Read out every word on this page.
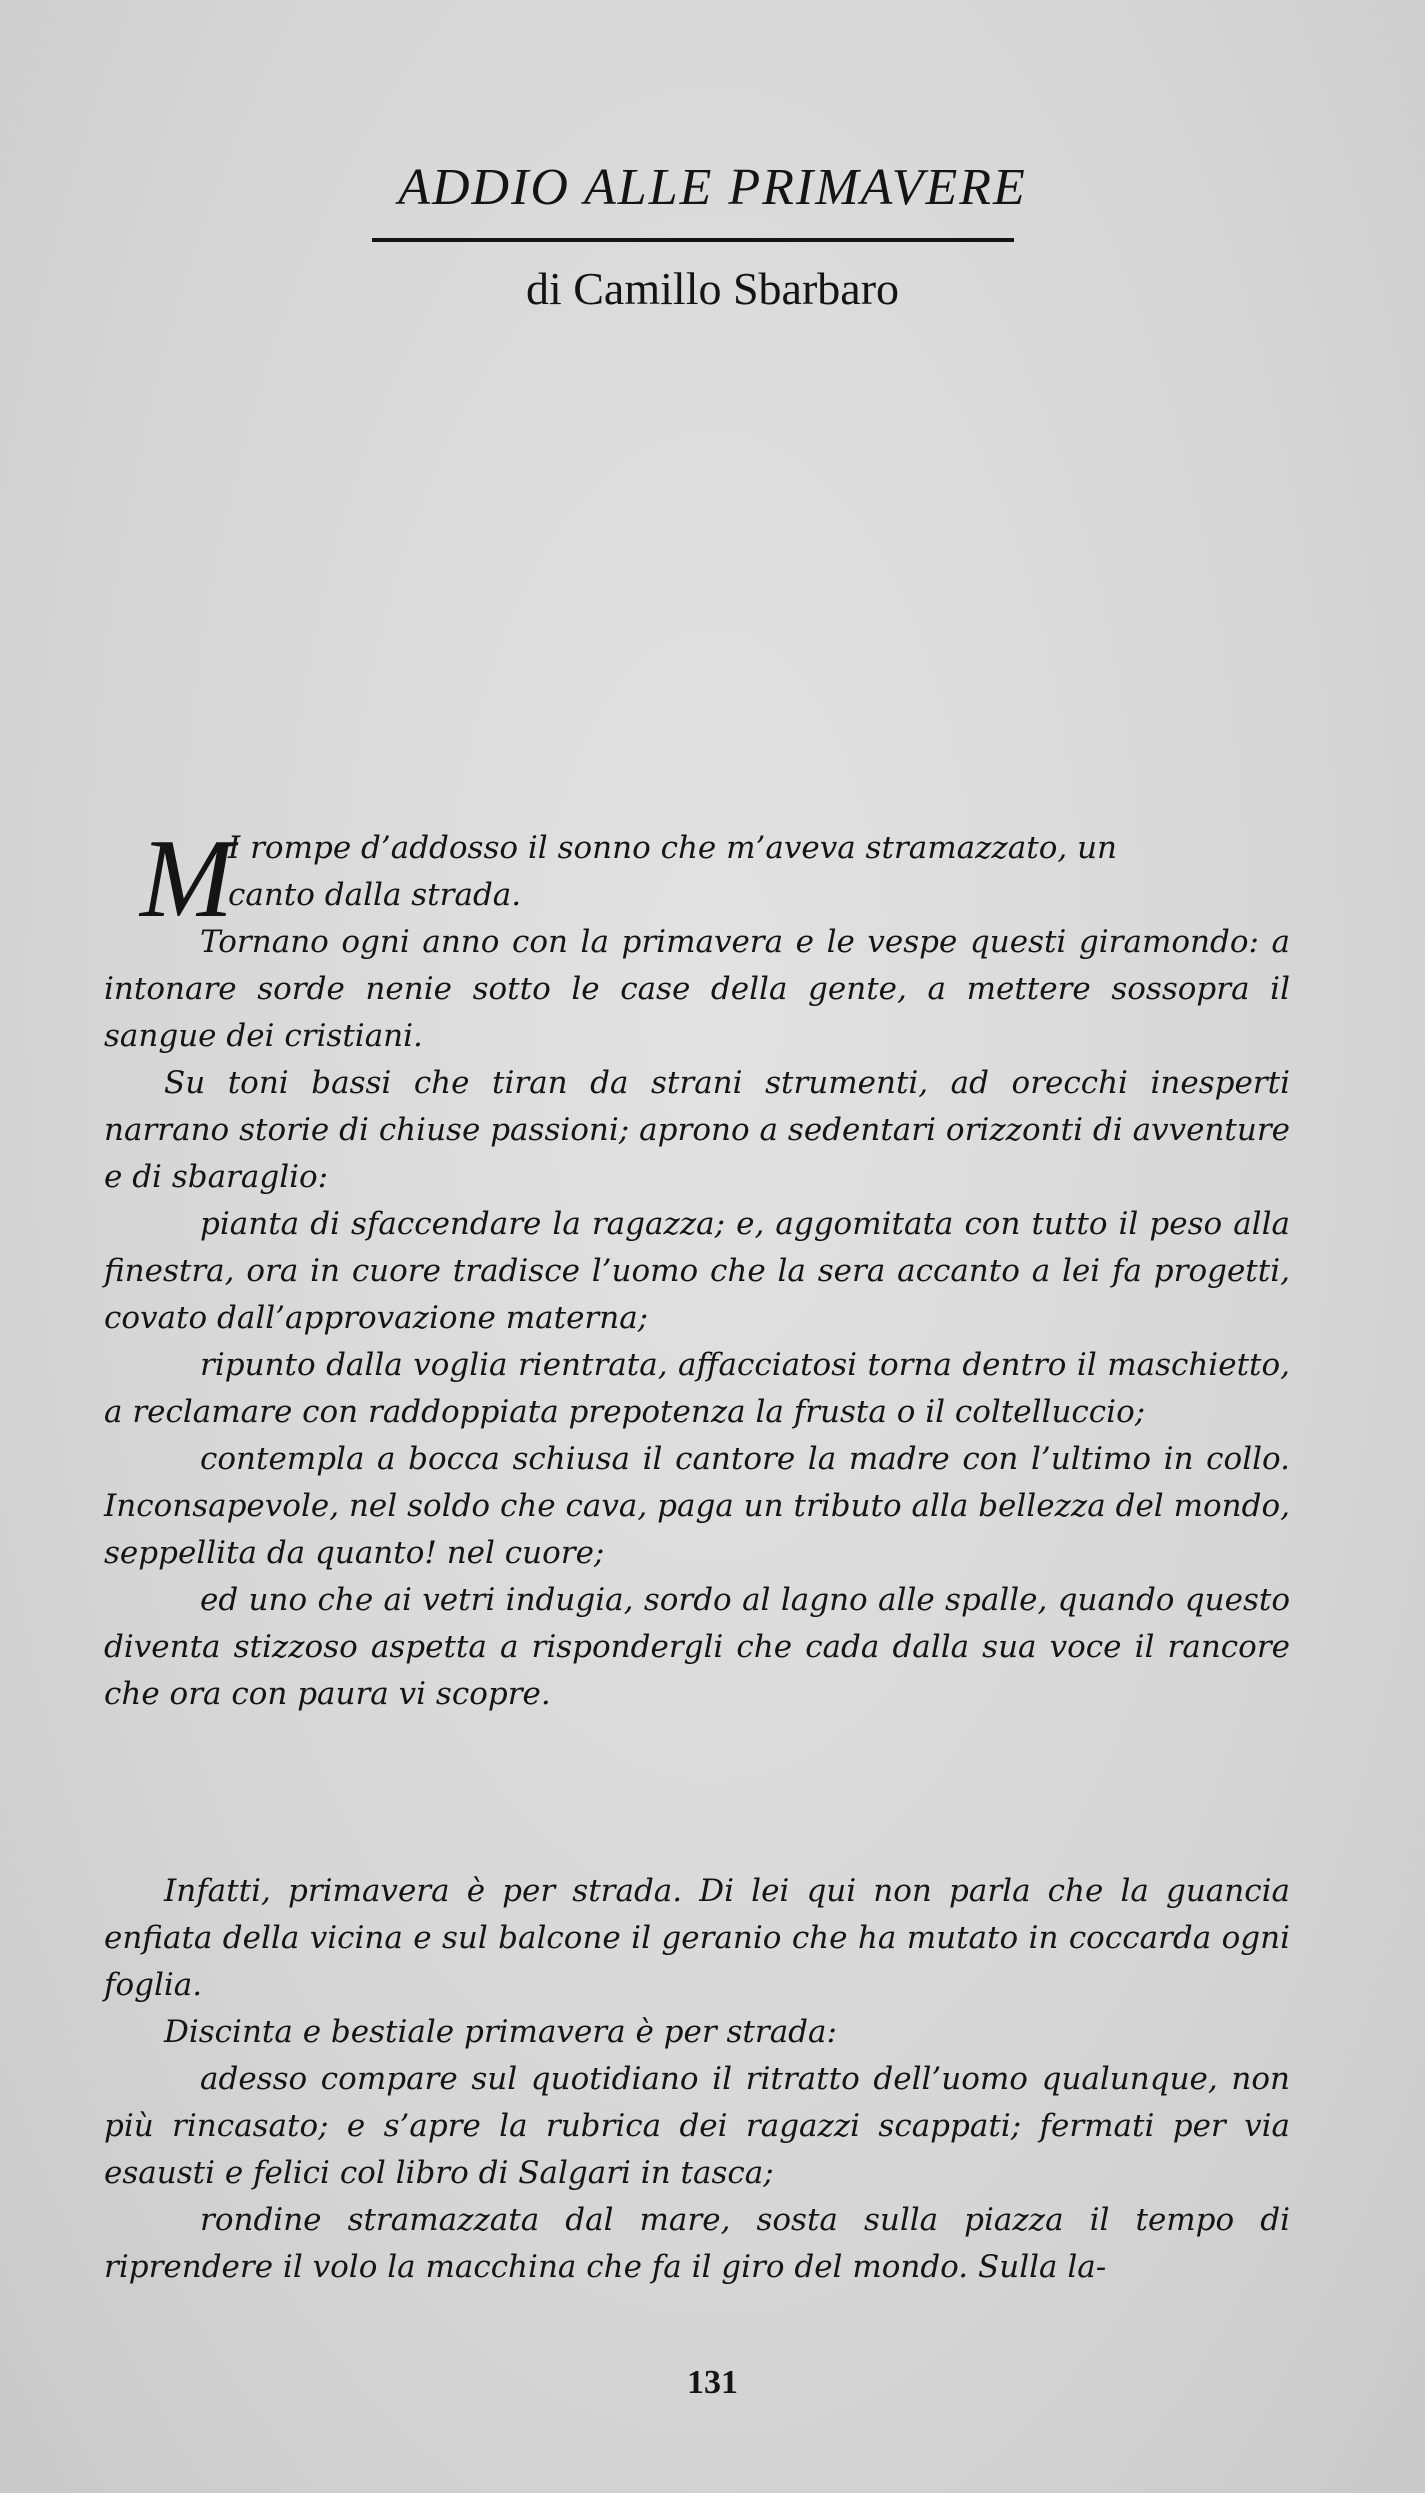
ADDIO ALLE PRIMAVERE
di Camillo Sbarbaro

M
I rompe d’addosso il sonno che m’aveva stramazzato, un

canto dalla strada.

Tornano ogni anno con la primavera e le vespe questi giramondo: a intonare sorde nenie sotto le case della gente, a mettere sossopra il sangue dei cristiani.

Su toni bassi che tiran da strani strumenti, ad orecchi inesperti narrano storie di chiuse passioni; aprono a sedentari orizzonti di avventure e di sbaraglio:

pianta di sfaccendare la ragazza; e, aggomitata con tutto il peso alla finestra, ora in cuore tradisce l’uomo che la sera accanto a lei fa progetti, covato dall’approvazione materna;

ripunto dalla voglia rientrata, affacciatosi torna dentro il maschietto, a reclamare con raddoppiata prepotenza la frusta o il coltelluccio;

contempla a bocca schiusa il cantore la madre con l’ultimo in collo. Inconsapevole, nel soldo che cava, paga un tributo alla bellezza del mondo, seppellita da quanto! nel cuore;

ed uno che ai vetri indugia, sordo al lagno alle spalle, quando questo diventa stizzoso aspetta a rispondergli che cada dalla sua voce il rancore che ora con paura vi scopre.

Infatti, primavera è per strada. Di lei qui non parla che la guancia enfiata della vicina e sul balcone il geranio che ha mutato in coccarda ogni foglia.

Discinta e bestiale primavera è per strada:

adesso compare sul quotidiano il ritratto dell’uomo qualunque, non più rincasato; e s’apre la rubrica dei ragazzi scappati; fermati per via esausti e felici col libro di Salgari in tasca;

rondine stramazzata dal mare, sosta sulla piazza il tempo di riprendere il volo la macchina che fa il giro del mondo. Sulla la-

131
